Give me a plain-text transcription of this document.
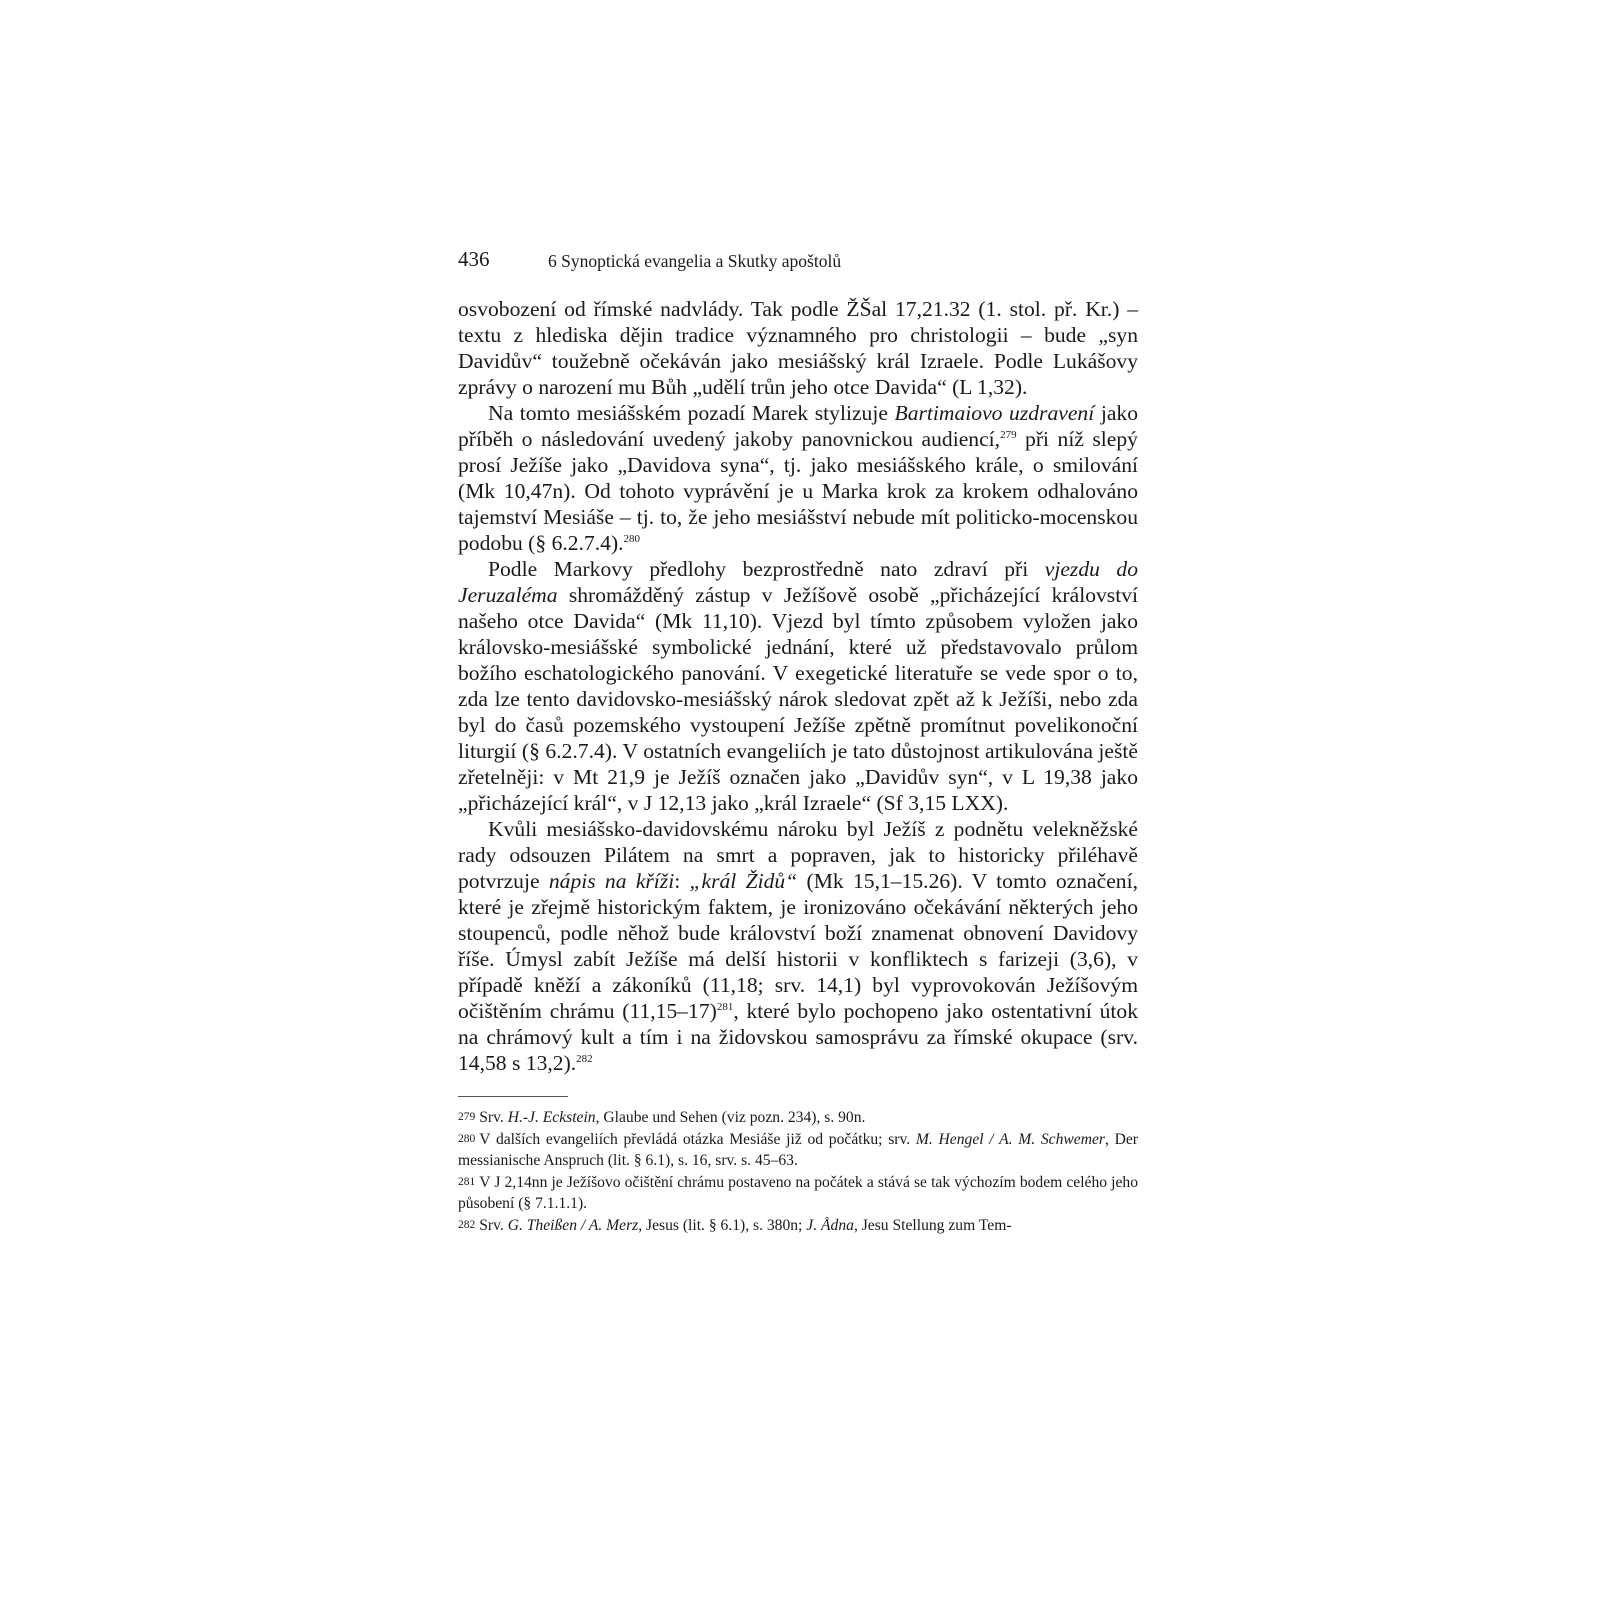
436	6 Synoptická evangelia a Skutky apoštolů

osvobození od římské nadvlády. Tak podle ŽŠal 17,21.32 (1. stol. př. Kr.) – textu z hlediska dějin tradice významného pro christologii – bude „syn Davidův“ toužebně očekáván jako mesiášský král Izraele. Podle Lukášovy zprávy o narození mu Bůh „udělí trůn jeho otce Davida“ (L 1,32).

Na tomto mesiášském pozadí Marek stylizuje Bartimaiovo uzdravení jako příběh o následování uvedený jakoby panovnickou audiencí,$^{279}$ při níž slepý prosí Ježíše jako „Davidova syna“, tj. jako mesiášského krále, o smilování (Mk 10,47n). Od tohoto vyprávění je u Marka krok za krokem odhalováno tajemství Mesiáše – tj. to, že jeho mesiášství nebude mít politicko-mocenskou podobu (§ 6.2.7.4).$^{280}$

Podle Markovy předlohy bezprostředně nato zdraví při vjezdu do Jeruzaléma shromážděný zástup v Ježíšově osobě „přicházející království našeho otce Davida“ (Mk 11,10). Vjezd byl tímto způsobem vyložen jako královsko-mesiášské symbolické jednání, které už představovalo průlom božího eschatologického panování. V exegetické literatuře se vede spor o to, zda lze tento davidovsko-mesiášský nárok sledovat zpět až k Ježíši, nebo zda byl do časů pozemského vystoupení Ježíše zpětně promítnut povelikonoční liturgií (§ 6.2.7.4). V ostatních evangeliích je tato důstojnost artikulována ještě zřetelněji: v Mt 21,9 je Ježíš označen jako „Davidův syn“, v L 19,38 jako „přicházející král“, v J 12,13 jako „král Izraele“ (Sf 3,15 LXX).

Kvůli mesiášsko-davidovskému nároku byl Ježíš z podnětu velekněžské rady odsouzen Pilátem na smrt a popraven, jak to historicky přiléhavě potvrzuje nápis na kříži: „král Židů“ (Mk 15,1–15.26). V tomto označení, které je zřejmě historickým faktem, je ironizováno očekávání některých jeho stoupenců, podle něhož bude království boží znamenat obnovení Davidovy říše. Úmysl zabít Ježíše má delší historii v konfliktech s farizeji (3,6), v případě kněží a zákoníků (11,18; srv. 14,1) byl vyprovokován Ježíšovým očištěním chrámu $(11,15-17)^{281}$, které bylo pochopeno jako ostentativní útok na chrámový kult a tím i na židovskou samosprávu za římské okupace (srv. 14,58 s 13,2).$^{282}$

279 Srv. H.-J. Eckstein, Glaube und Sehen (viz pozn. 234), s. 90n.

280 V dalších evangeliích převládá otázka Mesiáše již od počátku; srv. M. Hengel / A. M. Schwemer, Der messianische Anspruch (lit. § 6.1), s. 16, srv. s. 45–63.

281 V J 2,14nn je Ježíšovo očištění chrámu postaveno na počátek a stává se tak výchozím bodem celého jeho působení (§ 7.1.1.1).

282 Srv. G. Theißen / A. Merz, Jesus (lit. § 6.1), s. 380n; J. Ådna, Jesu Stellung zum Tem-
